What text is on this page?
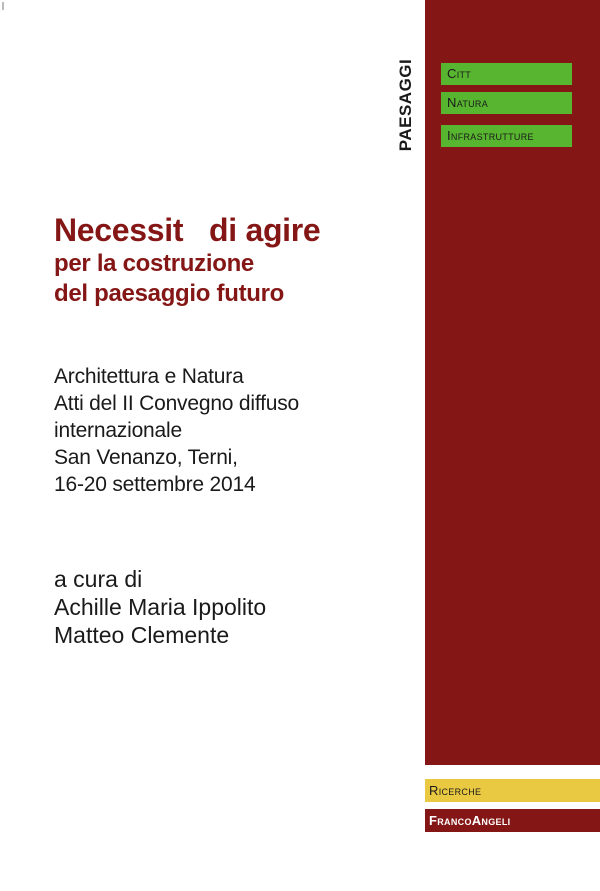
PAESAGGI	Citt
Natura
Infrastrutture
Necessit   di agire
per la costruzione
del paesaggio futuro
Architettura e Natura
Atti del II Convegno diffuso
internazionale
San Venanzo, Terni,
16-20 settembre 2014
a cura di
Achille Maria Ippolito
Matteo Clemente
Ricerche
FrancoAngeli
